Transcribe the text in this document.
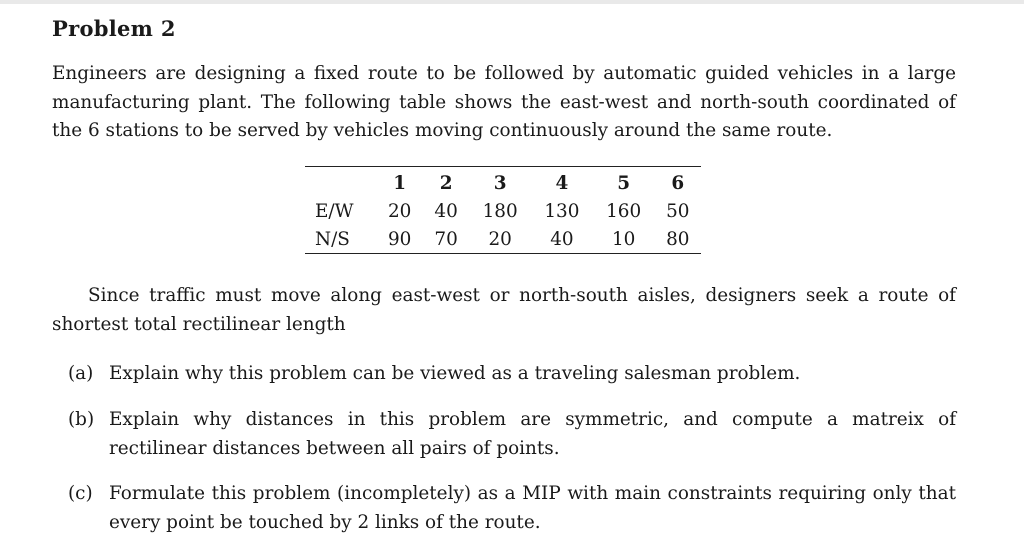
Problem 2
Engineers are designing a fixed route to be followed by automatic guided vehicles in a large manufacturing plant. The following table shows the east-west and north-south coordinated of the 6 stations to be served by vehicles moving continuously around the same route.
	1	2	3	4	5	6
E/W	20	40	180	130	160	50
N/S	90	70	20	40	10	80
Since traffic must move along east-west or north-south aisles, designers seek a route of shortest total rectilinear length
(a) Explain why this problem can be viewed as a traveling salesman problem.
(b) Explain why distances in this problem are symmetric, and compute a matreix of rectilinear distances between all pairs of points.
(c) Formulate this problem (incompletely) as a MIP with main constraints requiring only that every point be touched by 2 links of the route.
